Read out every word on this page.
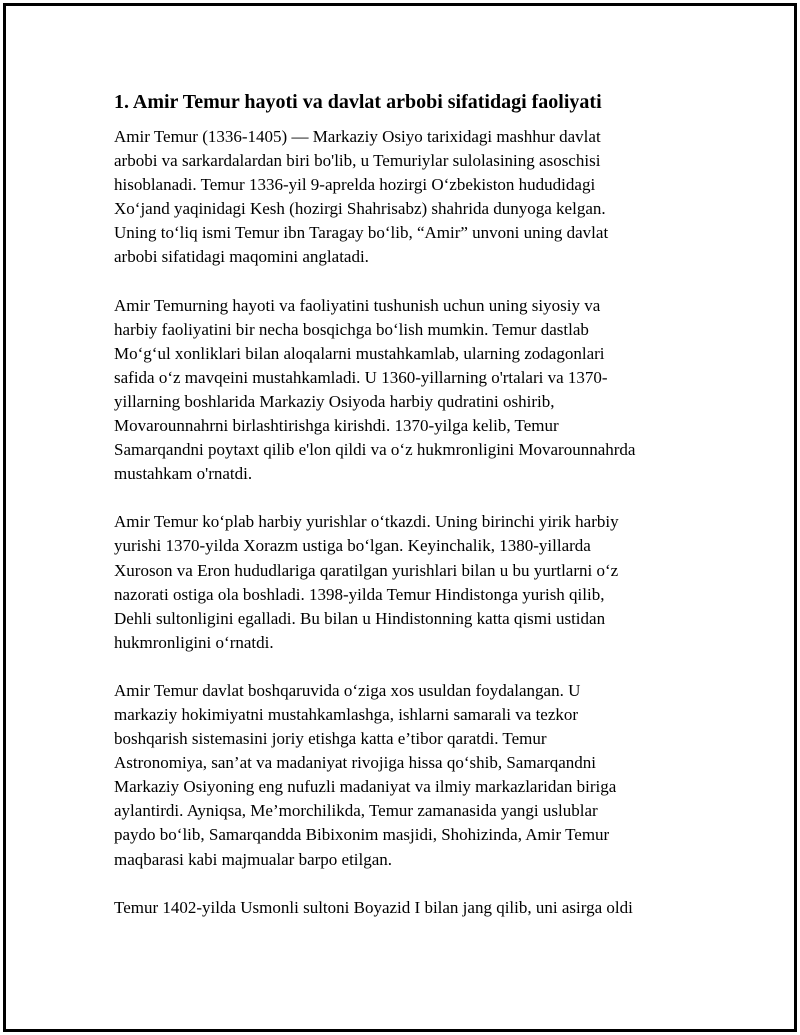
1. Amir Temur hayoti va davlat arbobi sifatidagi faoliyati

Amir Temur (1336-1405) — Markaziy Osiyo tarixidagi mashhur davlat
arbobi va sarkardalardan biri bo'lib, u Temuriylar sulolasining asoschisi
hisoblanadi. Temur 1336-yil 9-aprelda hozirgi O‘zbekiston hududidagi
Xo‘jand yaqinidagi Kesh (hozirgi Shahrisabz) shahrida dunyoga kelgan.
Uning to‘liq ismi Temur ibn Taragay bo‘lib, “Amir” unvoni uning davlat
arbobi sifatidagi maqomini anglatadi.

Amir Temurning hayoti va faoliyatini tushunish uchun uning siyosiy va
harbiy faoliyatini bir necha bosqichga bo‘lish mumkin. Temur dastlab
Mo‘g‘ul xonliklari bilan aloqalarni mustahkamlab, ularning zodagonlari
safida o‘z mavqeini mustahkamladi. U 1360-yillarning o'rtalari va 1370-
yillarning boshlarida Markaziy Osiyoda harbiy qudratini oshirib,
Movarounnahrni birlashtirishga kirishdi. 1370-yilga kelib, Temur
Samarqandni poytaxt qilib e'lon qildi va o‘z hukmronligini Movarounnahrda
mustahkam o'rnatdi.

Amir Temur ko‘plab harbiy yurishlar o‘tkazdi. Uning birinchi yirik harbiy
yurishi 1370-yilda Xorazm ustiga bo‘lgan. Keyinchalik, 1380-yillarda
Xuroson va Eron hududlariga qaratilgan yurishlari bilan u bu yurtlarni o‘z
nazorati ostiga ola boshladi. 1398-yilda Temur Hindistonga yurish qilib,
Dehli sultonligini egalladi. Bu bilan u Hindistonning katta qismi ustidan
hukmronligini o‘rnatdi.

Amir Temur davlat boshqaruvida o‘ziga xos usuldan foydalangan. U
markaziy hokimiyatni mustahkamlashga, ishlarni samarali va tezkor
boshqarish sistemasini joriy etishga katta e’tibor qaratdi. Temur
Astronomiya, san’at va madaniyat rivojiga hissa qo‘shib, Samarqandni
Markaziy Osiyoning eng nufuzli madaniyat va ilmiy markazlaridan biriga
aylantirdi. Ayniqsa, Me’morchilikda, Temur zamanasida yangi uslublar
paydo bo‘lib, Samarqandda Bibixonim masjidi, Shohizinda, Amir Temur
maqbarasi kabi majmualar barpo etilgan.

Temur 1402-yilda Usmonli sultoni Boyazid I bilan jang qilib, uni asirga oldi
